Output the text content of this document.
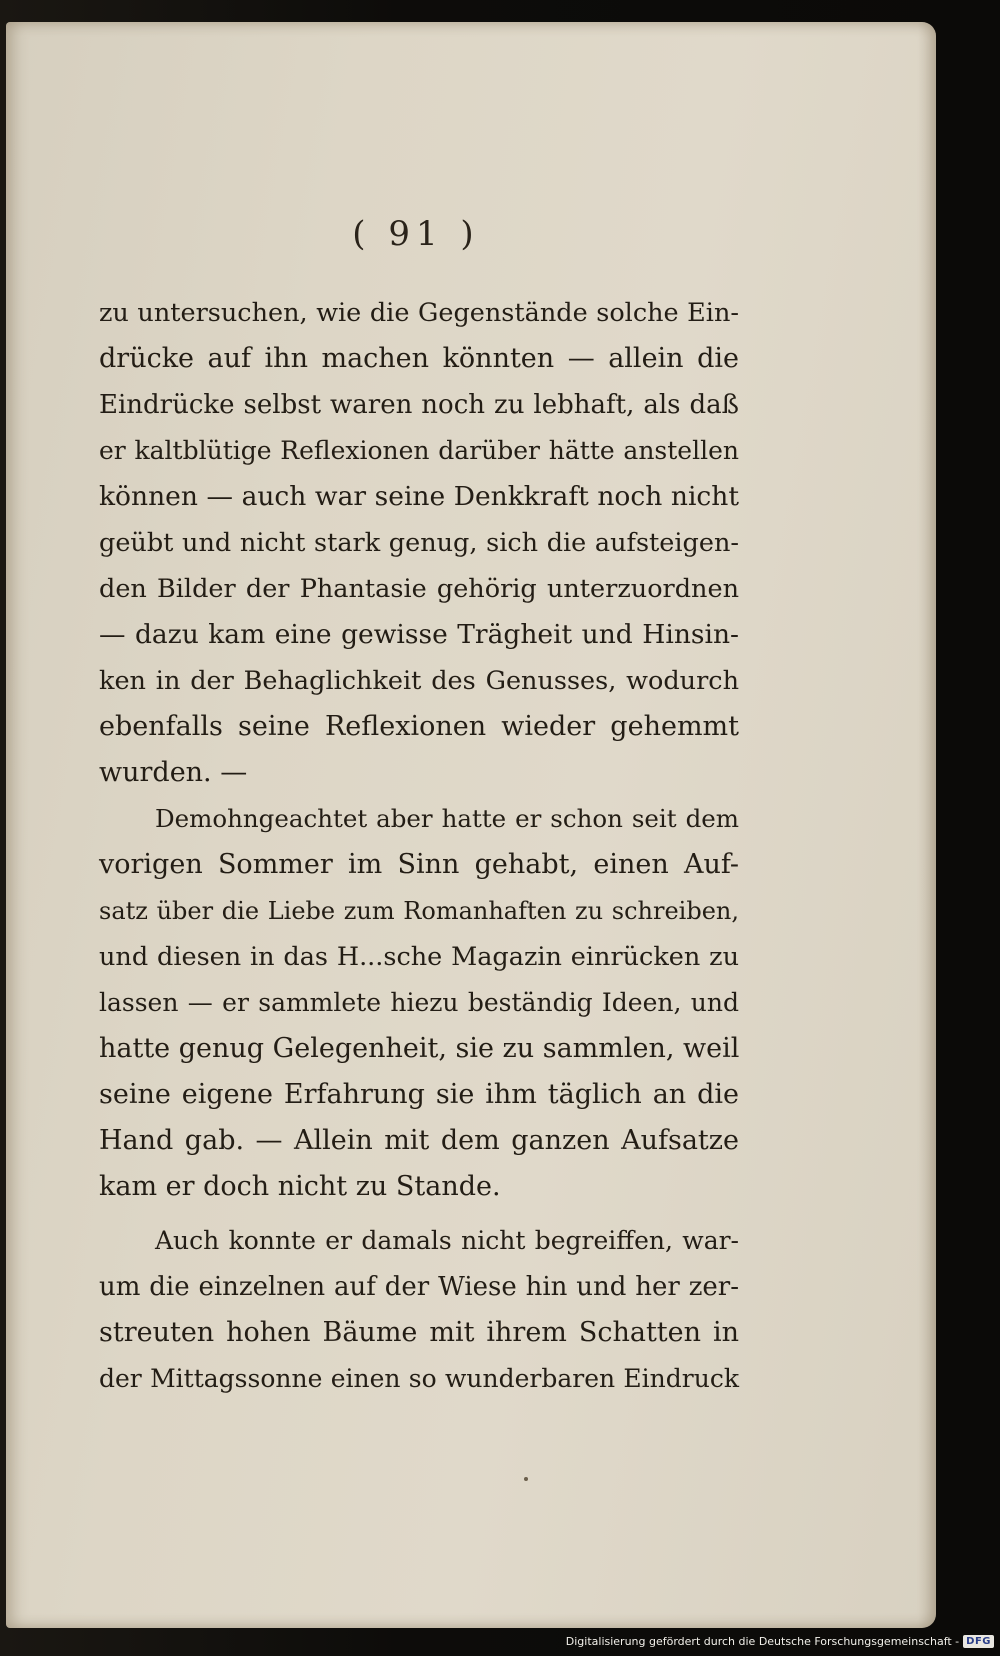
( 91 )
zu untersuchen, wie die Gegenstände solche Ein-
drücke auf ihn machen könnten — allein die
Eindrücke selbst waren noch zu lebhaft, als daß
er kaltblütige Reflexionen darüber hätte anstellen
können — auch war seine Denkkraft noch nicht
geübt und nicht stark genug, sich die aufsteigen-
den Bilder der Phantasie gehörig unterzuordnen
— dazu kam eine gewisse Trägheit und Hinsin-
ken in der Behaglichkeit des Genusses, wodurch
ebenfalls seine Reflexionen wieder gehemmt
wurden. —
Demohngeachtet aber hatte er schon seit dem
vorigen Sommer im Sinn gehabt, einen Auf-
satz über die Liebe zum Romanhaften zu schreiben,
und diesen in das H...sche Magazin einrücken zu
lassen — er sammlete hiezu beständig Ideen, und
hatte genug Gelegenheit, sie zu sammlen, weil
seine eigene Erfahrung sie ihm täglich an die
Hand gab. — Allein mit dem ganzen Aufsatze
kam er doch nicht zu Stande.
Auch konnte er damals nicht begreiffen, war-
um die einzelnen auf der Wiese hin und her zer-
streuten hohen Bäume mit ihrem Schatten in
der Mittagssonne einen so wunderbaren Eindruck
Digitalisierung gefördert durch die Deutsche Forschungsgemeinschaft - DFG
